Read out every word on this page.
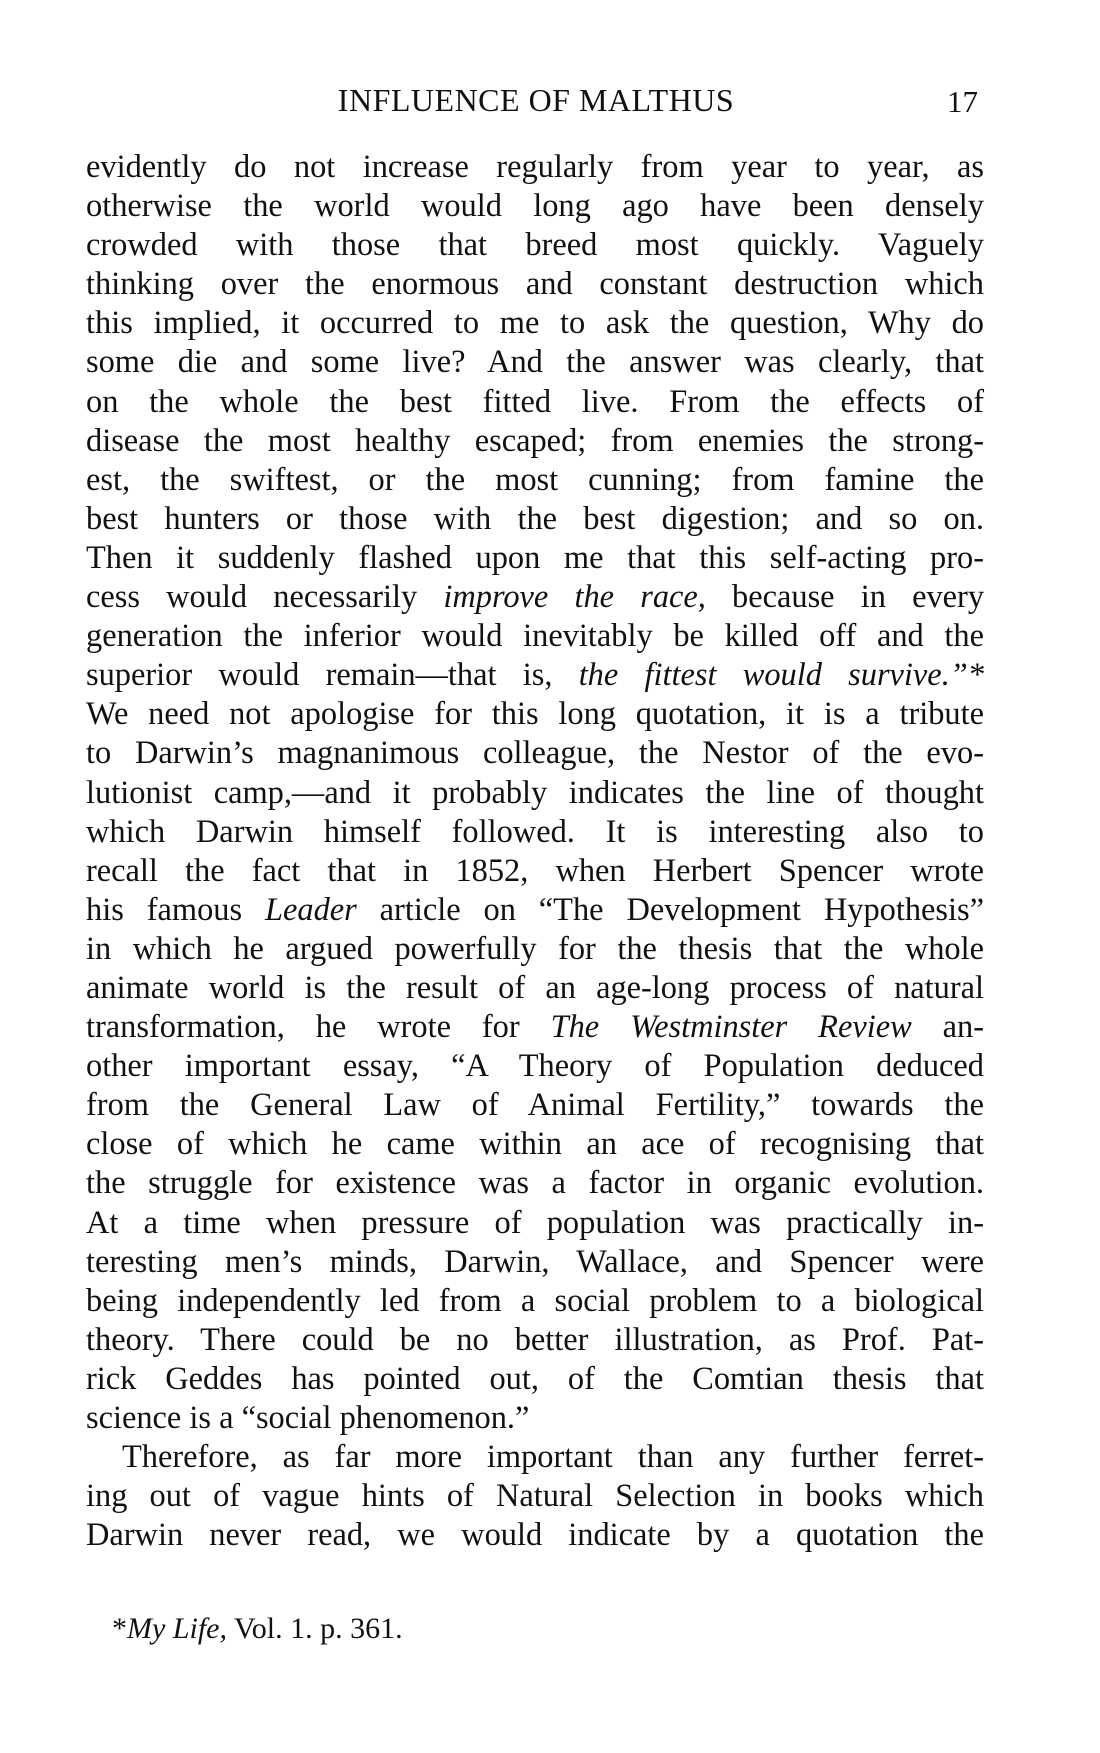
INFLUENCE OF MALTHUS	17
evidently do not increase regularly from year to year, as
otherwise the world would long ago have been densely
crowded with those that breed most quickly. Vaguely
thinking over the enormous and constant destruction which
this implied, it occurred to me to ask the question, Why do
some die and some live? And the answer was clearly, that
on the whole the best fitted live. From the effects of
disease the most healthy escaped; from enemies the strong-
est, the swiftest, or the most cunning; from famine the
best hunters or those with the best digestion; and so on.
Then it suddenly flashed upon me that this self-acting pro-
cess would necessarily improve the race, because in every
generation the inferior would inevitably be killed off and the
superior would remain—that is, the fittest would survive.”*
We need not apologise for this long quotation, it is a tribute
to Darwin’s magnanimous colleague, the Nestor of the evo-
lutionist camp,—and it probably indicates the line of thought
which Darwin himself followed. It is interesting also to
recall the fact that in 1852, when Herbert Spencer wrote
his famous Leader article on “The Development Hypothesis”
in which he argued powerfully for the thesis that the whole
animate world is the result of an age-long process of natural
transformation, he wrote for The Westminster Review an-
other important essay, “A Theory of Population deduced
from the General Law of Animal Fertility,” towards the
close of which he came within an ace of recognising that
the struggle for existence was a factor in organic evolution.
At a time when pressure of population was practically in-
teresting men’s minds, Darwin, Wallace, and Spencer were
being independently led from a social problem to a biological
theory. There could be no better illustration, as Prof. Pat-
rick Geddes has pointed out, of the Comtian thesis that
science is a “social phenomenon.”
Therefore, as far more important than any further ferret-
ing out of vague hints of Natural Selection in books which
Darwin never read, we would indicate by a quotation the
*My Life, Vol. 1. p. 361.
